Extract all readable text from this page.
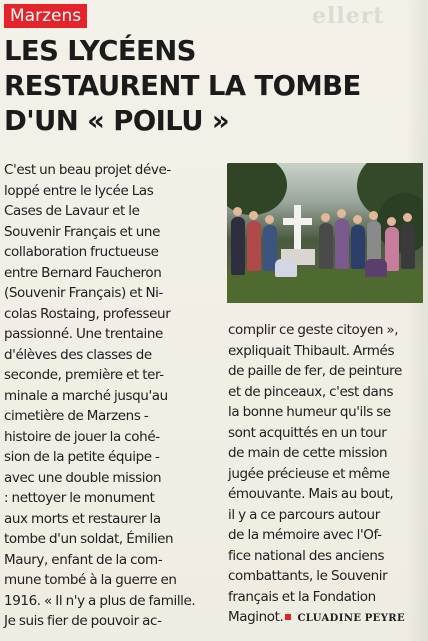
ellert
Marzens
LES LYCÉENS
RESTAURENT LA TOMBE
D'UN « POILU »

C'est un beau projet déve-
loppé entre le lycée Las
Cases de Lavaur et le
Souvenir Français et une
collaboration fructueuse
entre Bernard Faucheron
(Souvenir Français) et Ni-
colas Rostaing, professeur
passionné. Une trentaine
d'élèves des classes de
seconde, première et ter-
minale a marché jusqu'au
cimetière de Marzens -
histoire de jouer la cohé-
sion de la petite équipe -
avec une double mission
: nettoyer le monument
aux morts et restaurer la
tombe d'un soldat, Émilien
Maury, enfant de la com-
mune tombé à la guerre en
1916. « Il n'y a plus de famille.
Je suis fier de pouvoir ac-

complir ce geste citoyen »,
expliquait Thibault. Armés
de paille de fer, de peinture
et de pinceaux, c'est dans
la bonne humeur qu'ils se
sont acquittés en un tour
de main de cette mission
jugée précieuse et même
émouvante. Mais au bout,
il y a ce parcours autour
de la mémoire avec l'Of-
fice national des anciens
combattants, le Souvenir
français et la Fondation
Maginot. CLUADINE PEYRE
